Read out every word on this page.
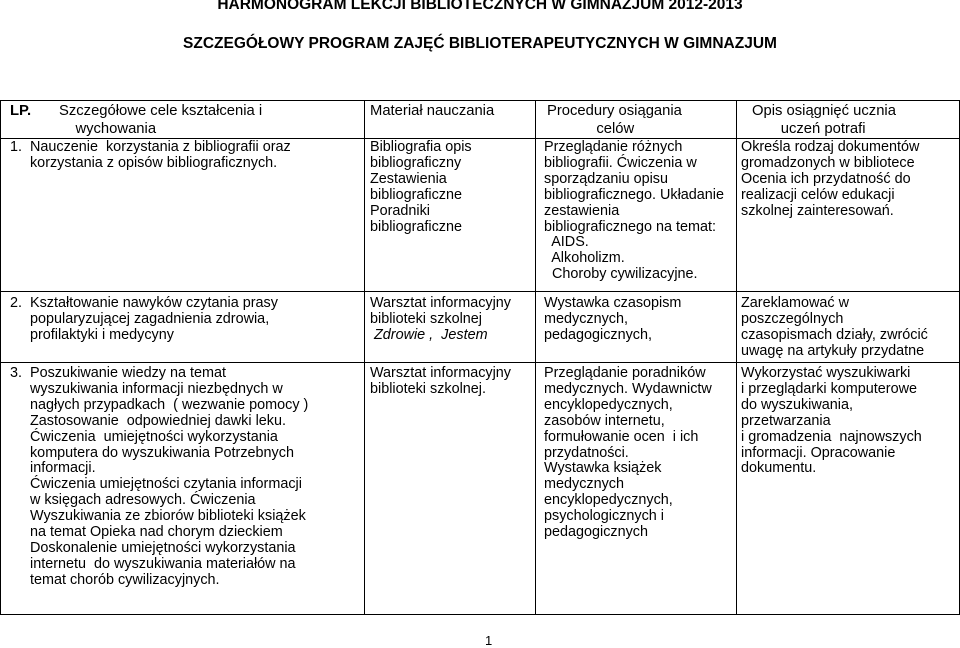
HARMONOGRAM LEKCJI BIBLIOTECZNYCH W GIMNAZJUM 2012-2013
SZCZEGÓŁOWY PROGRAM ZAJĘĆ BIBLIOTERAPEUTYCZNYCH W GIMNAZJUM
LP. Szczegółowe cele kształcenia i
wychowania
Materiał nauczania	Procedury osiągania
celów
Opis osiągnięć ucznia
uczeń potrafi
1.  Nauczenie  korzystania z bibliografii oraz
korzystania z opisów bibliograficznych.
Bibliografia opis
bibliograficzny
Zestawienia
bibliograficzne
Poradniki
bibliograficzne
Przeglądanie różnych
bibliografii. Ćwiczenia w
sporządzaniu opisu
bibliograficznego. Układanie
zestawienia
bibliograficznego na temat:
AIDS.
Alkoholizm.
Choroby cywilizacyjne.
Określa rodzaj dokumentów
gromadzonych w bibliotece
Ocenia ich przydatność do
realizacji celów edukacji
szkolnej zainteresowań.
2.  Kształtowanie nawyków czytania prasy
popularyzującej zagadnienia zdrowia,
profilaktyki i medycyny
Warsztat informacyjny
biblioteki szkolnej
Zdrowie ,  Jestem
Wystawka czasopism
medycznych,
pedagogicznych,
Zareklamować w
poszczególnych
czasopismach działy, zwrócić
uwagę na artykuły przydatne
3.  Poszukiwanie wiedzy na temat
wyszukiwania informacji niezbędnych w
nagłych przypadkach  ( wezwanie pomocy )
Zastosowanie  odpowiedniej dawki leku.
Ćwiczenia  umiejętności wykorzystania
komputera do wyszukiwania Potrzebnych
informacji.
Ćwiczenia umiejętności czytania informacji
w księgach adresowych. Ćwiczenia
Wyszukiwania ze zbiorów biblioteki książek
na temat Opieka nad chorym dzieckiem
Doskonalenie umiejętności wykorzystania
internetu  do wyszukiwania materiałów na
temat chorób cywilizacyjnych.
Warsztat informacyjny
biblioteki szkolnej.
Przeglądanie poradników
medycznych. Wydawnictw
encyklopedycznych,
zasobów internetu,
formułowanie ocen  i ich
przydatności.
Wystawka książek
medycznych
encyklopedycznych,
psychologicznych i
pedagogicznych
Wykorzystać wyszukiwarki
i przeglądarki komputerowe
do wyszukiwania,
przetwarzania
i gromadzenia  najnowszych
informacji. Opracowanie
dokumentu.
1
